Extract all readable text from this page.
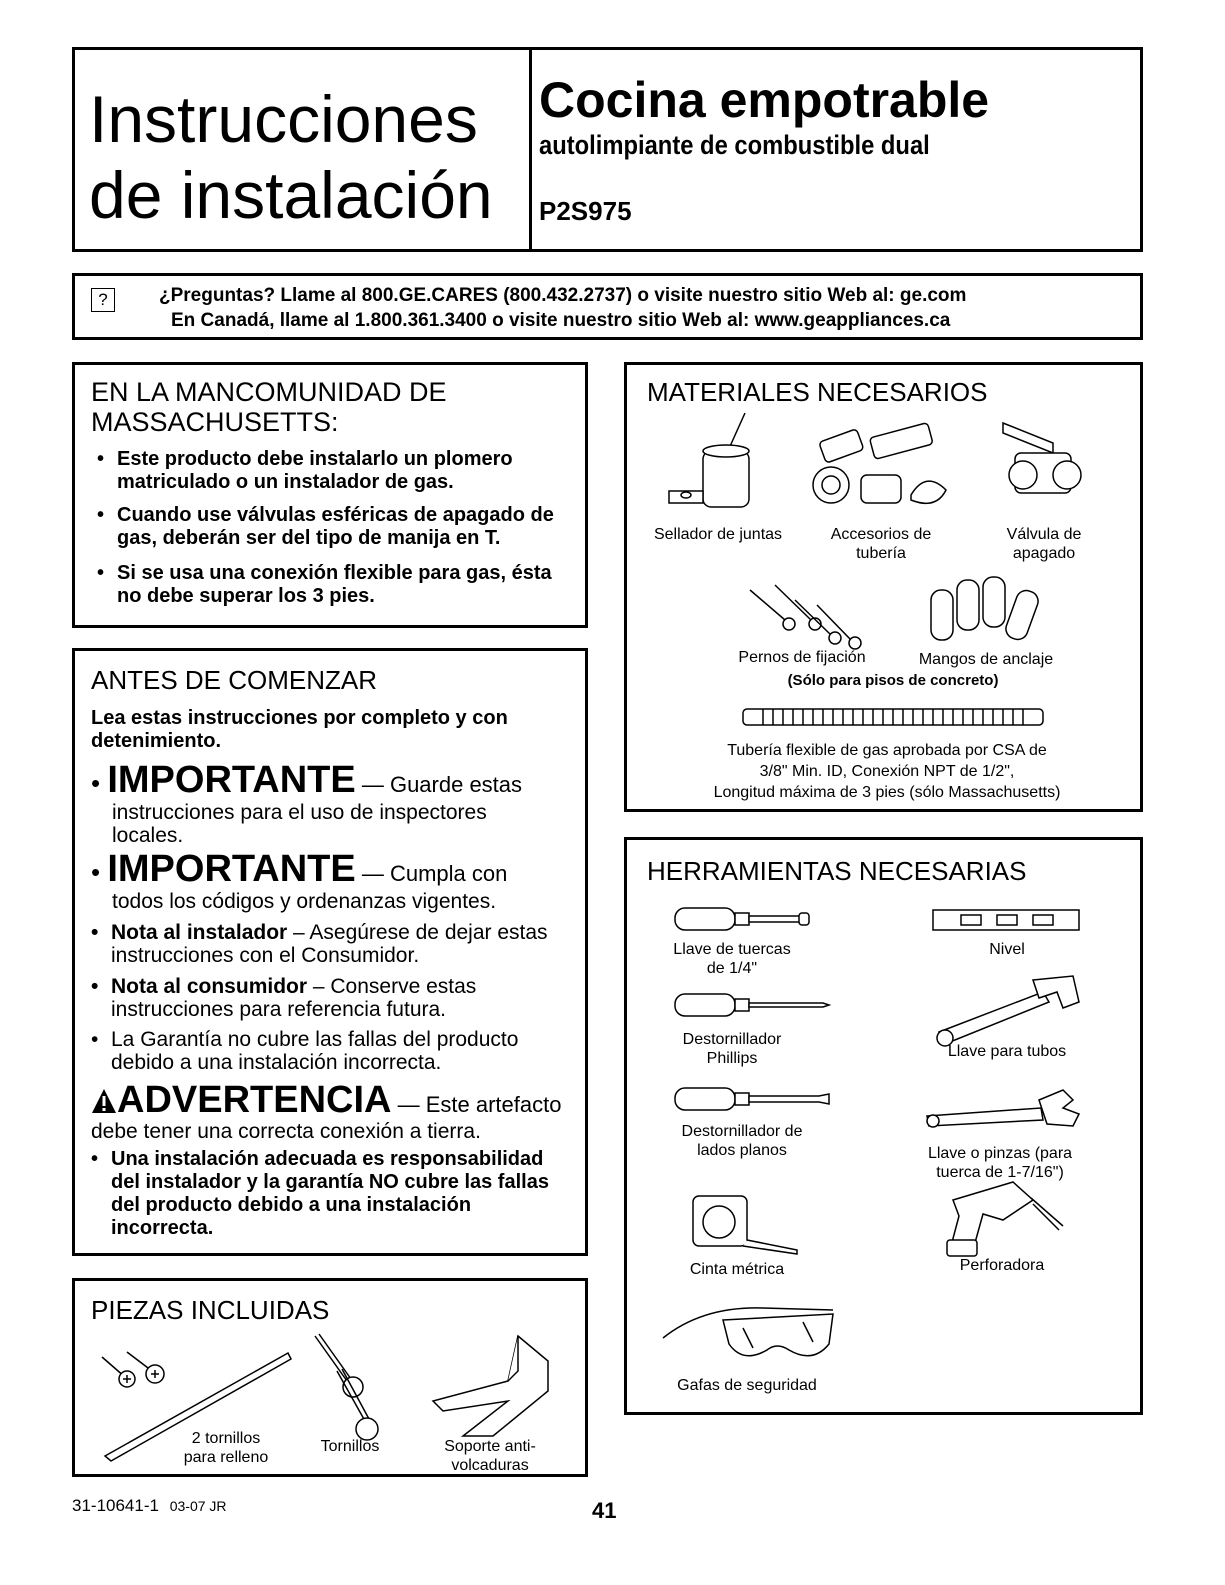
Instrucciones
de instalación
Cocina empotrable
autolimpiante de combustible dual
P2S975
?	¿Preguntas? Llame al 800.GE.CARES (800.432.2737) o visite nuestro sitio Web al: ge.com
En Canadá, llame al 1.800.361.3400 o visite nuestro sitio Web al: www.geappliances.ca
EN LA MANCOMUNIDAD DE
MASSACHUSETTS:
• Este producto debe instalarlo un plomero matriculado o un instalador de gas.
• Cuando use válvulas esféricas de apagado de gas, deberán ser del tipo de manija en T.
• Si se usa una conexión flexible para gas, ésta no debe superar los 3 pies.
ANTES DE COMENZAR
Lea estas instrucciones por completo y con detenimiento.
• IMPORTANTE — Guarde estas
instrucciones para el uso de inspectores locales.
• IMPORTANTE — Cumpla con
todos los códigos y ordenanzas vigentes.
• Nota al instalador – Asegúrese de dejar estas instrucciones con el Consumidor.
• Nota al consumidor – Conserve estas instrucciones para referencia futura.
• La Garantía no cubre las fallas del producto debido a una instalación incorrecta.
ADVERTENCIA — Este artefacto
debe tener una correcta conexión a tierra.
• Una instalación adecuada es responsabilidad del instalador y la garantía NO cubre las fallas del producto debido a una instalación incorrecta.
PIEZAS INCLUIDAS
2 tornillos
para relleno
Tornillos	Soporte anti-
volcaduras
MATERIALES NECESARIOS
Sellador de juntas	Accesorios de
tubería
Válvula de
apagado
Pernos de fijación	Mangos de anclaje
(Sólo para pisos de concreto)
Tubería flexible de gas aprobada por CSA de
3/8" Min. ID, Conexión NPT de 1/2",
Longitud máxima de 3 pies (sólo Massachusetts)
HERRAMIENTAS NECESARIAS
Llave de tuercas
de 1/4"
Nivel
Destornillador
Phillips	Llave para tubos
Destornillador de
lados planos	Llave o pinzas (para
tuerca de 1-7/16")
Cinta métrica	Perforadora
Gafas de seguridad
31-10641-1 03-07 JR	41
